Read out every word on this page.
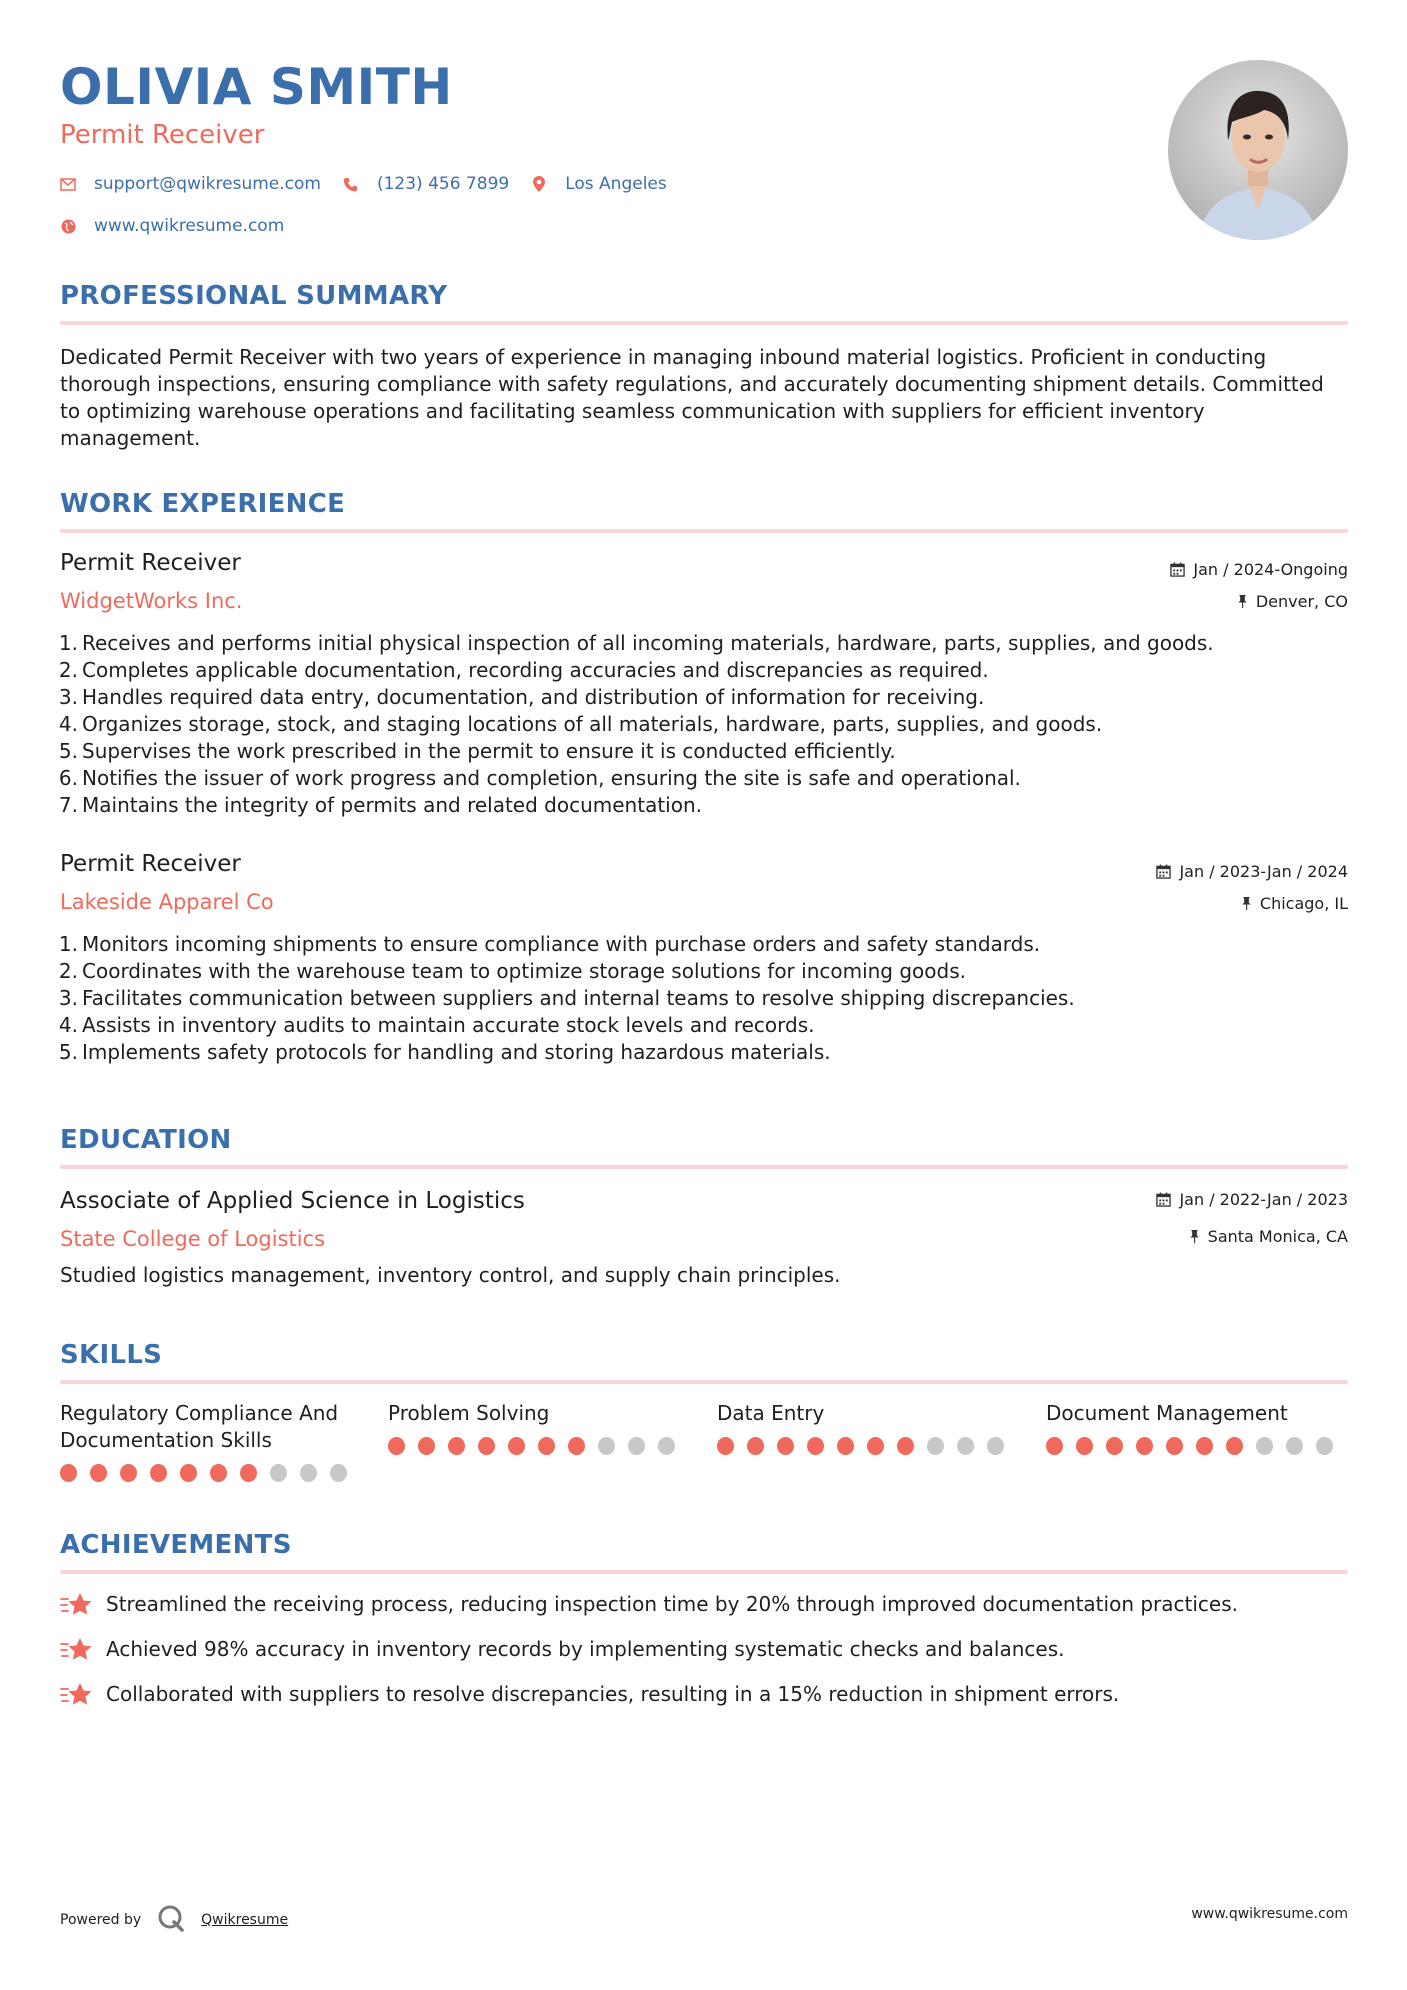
OLIVIA SMITH
Permit Receiver
support@qwikresume.com	(123) 456 7899	Los Angeles
www.qwikresume.com
PROFESSIONAL SUMMARY
Dedicated Permit Receiver with two years of experience in managing inbound material logistics. Proficient in conducting thorough inspections, ensuring compliance with safety regulations, and accurately documenting shipment details. Committed to optimizing warehouse operations and facilitating seamless communication with suppliers for efficient inventory management.
WORK EXPERIENCE
Permit Receiver	Jan / 2024-Ongoing
WidgetWorks Inc.	Denver, CO
1. Receives and performs initial physical inspection of all incoming materials, hardware, parts, supplies, and goods.
2. Completes applicable documentation, recording accuracies and discrepancies as required.
3. Handles required data entry, documentation, and distribution of information for receiving.
4. Organizes storage, stock, and staging locations of all materials, hardware, parts, supplies, and goods.
5. Supervises the work prescribed in the permit to ensure it is conducted efficiently.
6. Notifies the issuer of work progress and completion, ensuring the site is safe and operational.
7. Maintains the integrity of permits and related documentation.
Permit Receiver	Jan / 2023-Jan / 2024
Lakeside Apparel Co	Chicago, IL
1. Monitors incoming shipments to ensure compliance with purchase orders and safety standards.
2. Coordinates with the warehouse team to optimize storage solutions for incoming goods.
3. Facilitates communication between suppliers and internal teams to resolve shipping discrepancies.
4. Assists in inventory audits to maintain accurate stock levels and records.
5. Implements safety protocols for handling and storing hazardous materials.
EDUCATION
Associate of Applied Science in Logistics	Jan / 2022-Jan / 2023
State College of Logistics	Santa Monica, CA
Studied logistics management, inventory control, and supply chain principles.
SKILLS
Regulatory Compliance And Documentation Skills
Problem Solving	Data Entry	Document Management
ACHIEVEMENTS
Streamlined the receiving process, reducing inspection time by 20% through improved documentation practices.
Achieved 98% accuracy in inventory records by implementing systematic checks and balances.
Collaborated with suppliers to resolve discrepancies, resulting in a 15% reduction in shipment errors.
Powered by	Qwikresume	www.qwikresume.com
